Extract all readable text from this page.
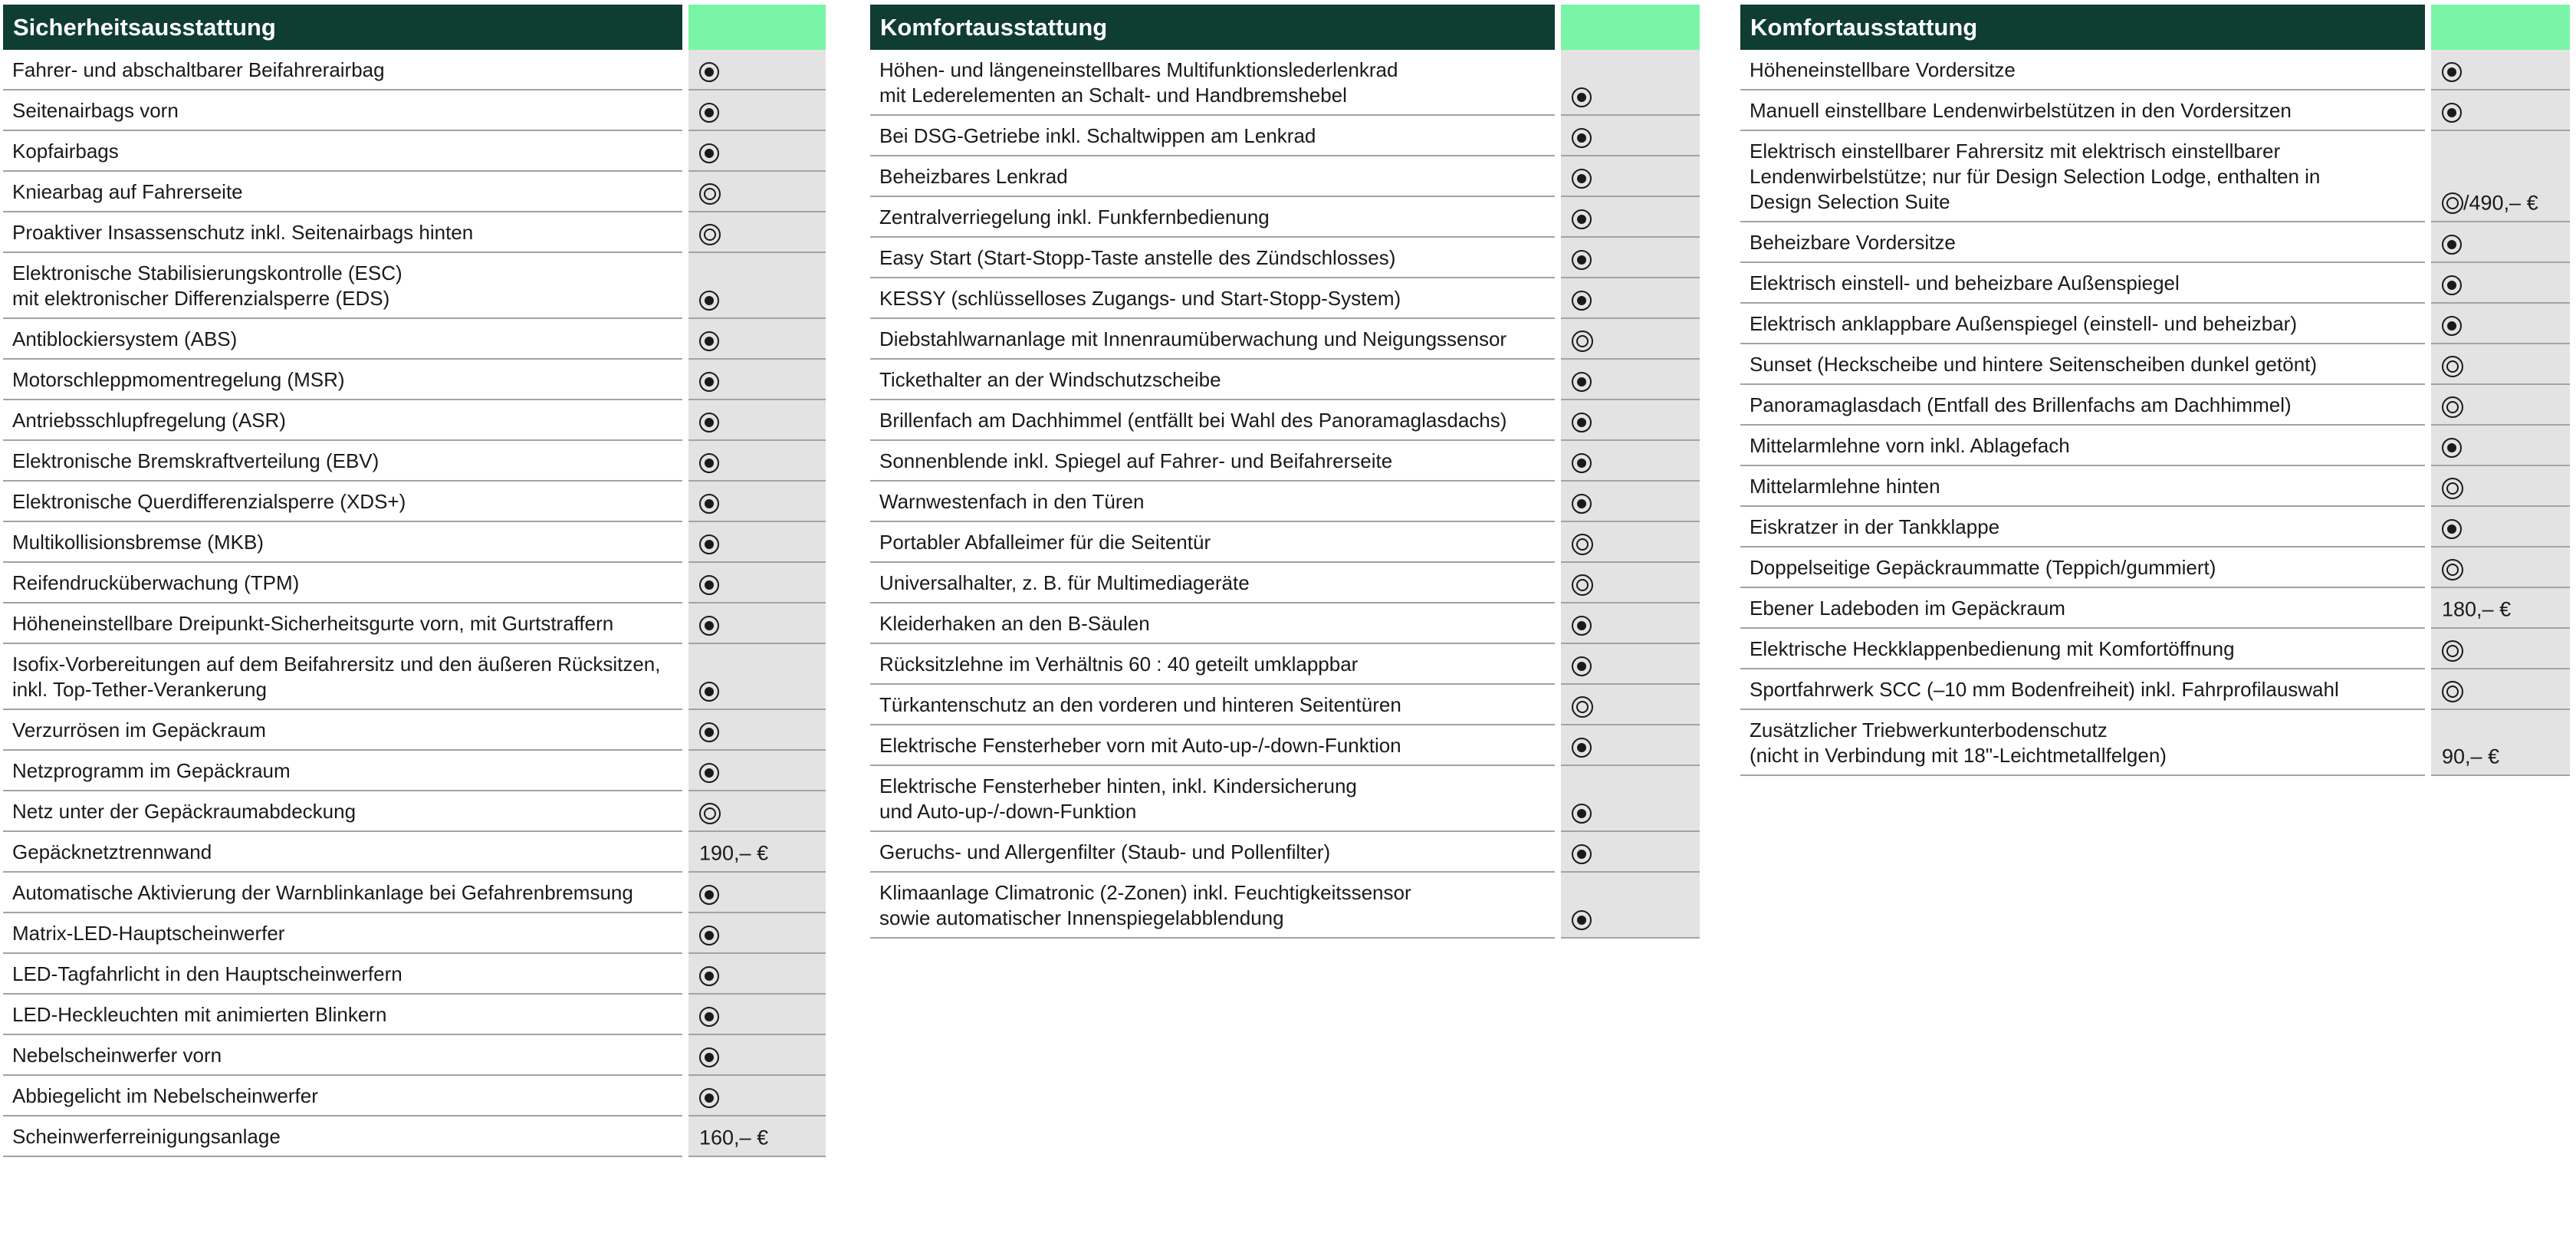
Sicherheitsausstattung	
Fahrer- und abschaltbarer Beifahrerairbag	
Seitenairbags vorn	
Kopfairbags	
Kniearbag auf Fahrerseite	
Proaktiver Insassenschutz inkl. Seitenairbags hinten	
Elektronische Stabilisierungskontrolle (ESC)
mit elektronischer Differenzialsperre (EDS)	
Antiblockiersystem (ABS)	
Motorschleppmomentregelung (MSR)	
Antriebsschlupfregelung (ASR)	
Elektronische Bremskraftverteilung (EBV)	
Elektronische Querdifferenzialsperre (XDS+)	
Multikollisionsbremse (MKB)	
Reifendrucküberwachung (TPM)	
Höheneinstellbare Dreipunkt-Sicherheitsgurte vorn, mit Gurtstraffern	
Isofix-Vorbereitungen auf dem Beifahrersitz und den äußeren Rücksitzen,
inkl. Top-Tether-Verankerung	
Verzurrösen im Gepäckraum	
Netzprogramm im Gepäckraum	
Netz unter der Gepäckraumabdeckung	
Gepäcknetztrennwand	190,– €
Automatische Aktivierung der Warnblinkanlage bei Gefahrenbremsung	
Matrix-LED-Hauptscheinwerfer	
LED-Tagfahrlicht in den Hauptscheinwerfern	
LED-Heckleuchten mit animierten Blinkern	
Nebelscheinwerfer vorn	
Abbiegelicht im Nebelscheinwerfer	
Scheinwerferreinigungsanlage	160,– €
Komfortausstattung	
Höhen- und längeneinstellbares Multifunktionslederlenkrad
mit Lederelementen an Schalt- und Handbremshebel	
Bei DSG-Getriebe inkl. Schaltwippen am Lenkrad	
Beheizbares Lenkrad	
Zentralverriegelung inkl. Funkfernbedienung	
Easy Start (Start-Stopp-Taste anstelle des Zündschlosses)	
KESSY (schlüsselloses Zugangs- und Start-Stopp-System)	
Diebstahlwarnanlage mit Innenraumüberwachung und Neigungssensor	
Tickethalter an der Windschutzscheibe	
Brillenfach am Dachhimmel (entfällt bei Wahl des Panoramaglasdachs)	
Sonnenblende inkl. Spiegel auf Fahrer- und Beifahrerseite	
Warnwestenfach in den Türen	
Portabler Abfalleimer für die Seitentür	
Universalhalter, z. B. für Multimediageräte	
Kleiderhaken an den B-Säulen	
Rücksitzlehne im Verhältnis 60 : 40 geteilt umklappbar	
Türkantenschutz an den vorderen und hinteren Seitentüren	
Elektrische Fensterheber vorn mit Auto-up-/-down-Funktion	
Elektrische Fensterheber hinten, inkl. Kindersicherung
und Auto-up-/-down-Funktion	
Geruchs- und Allergenfilter (Staub- und Pollenfilter)	
Klimaanlage Climatronic (2-Zonen) inkl. Feuchtigkeitssensor
sowie automatischer Innenspiegelabblendung	
Komfortausstattung	
Höheneinstellbare Vordersitze	
Manuell einstellbare Lendenwirbelstützen in den Vordersitzen	
Elektrisch einstellbarer Fahrersitz mit elektrisch einstellbarer
Lendenwirbelstütze; nur für Design Selection Lodge, enthalten in
Design Selection Suite	/490,– €
Beheizbare Vordersitze	
Elektrisch einstell- und beheizbare Außenspiegel	
Elektrisch anklappbare Außenspiegel (einstell- und beheizbar)	
Sunset (Heckscheibe und hintere Seitenscheiben dunkel getönt)	
Panoramaglasdach (Entfall des Brillenfachs am Dachhimmel)	
Mittelarmlehne vorn inkl. Ablagefach	
Mittelarmlehne hinten	
Eiskratzer in der Tankklappe	
Doppelseitige Gepäckraummatte (Teppich/gummiert)	
Ebener Ladeboden im Gepäckraum	180,– €
Elektrische Heckklappenbedienung mit Komfortöffnung	
Sportfahrwerk SCC (–10 mm Bodenfreiheit) inkl. Fahrprofilauswahl	
Zusätzlicher Triebwerkunterbodenschutz
(nicht in Verbindung mit 18"-Leichtmetallfelgen)	90,– €
